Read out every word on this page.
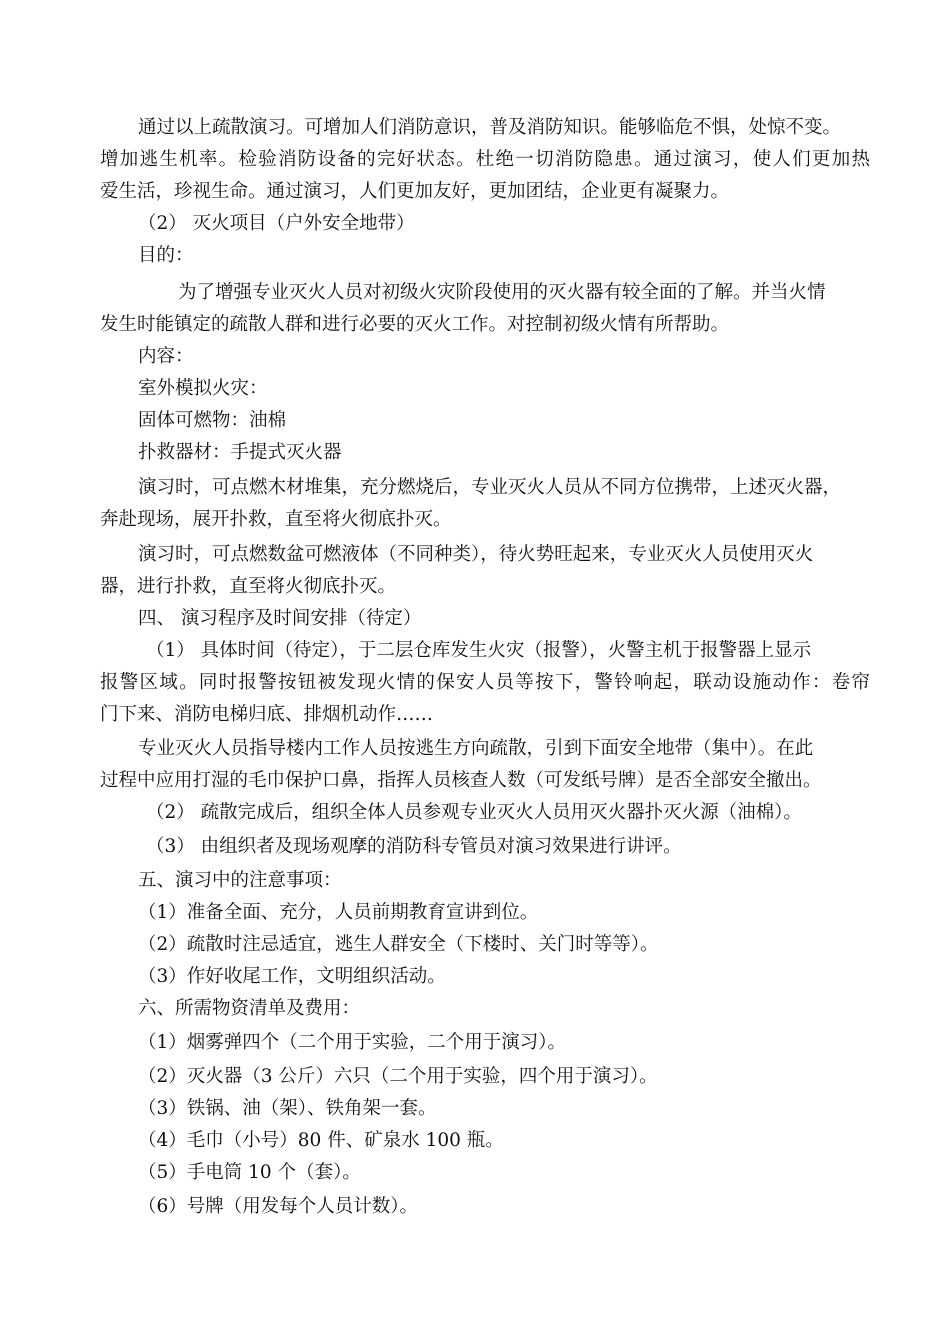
通过以上疏散演习。可增加人们消防意识，普及消防知识。能够临危不惧，处惊不变。
增加逃生机率。检验消防设备的完好状态。杜绝一切消防隐患。通过演习，使人们更加热
爱生活，珍视生命。通过演习，人们更加友好，更加团结，企业更有凝聚力。
（2） 灭火项目（户外安全地带）
目的：
为了增强专业灭火人员对初级火灾阶段使用的灭火器有较全面的了解。并当火情
发生时能镇定的疏散人群和进行必要的灭火工作。对控制初级火情有所帮助。
内容：
室外模拟火灾：
固体可燃物：油棉
扑救器材：手提式灭火器
演习时，可点燃木材堆集，充分燃烧后，专业灭火人员从不同方位携带，上述灭火器，
奔赴现场，展开扑救，直至将火彻底扑灭。
演习时，可点燃数盆可燃液体（不同种类），待火势旺起来，专业灭火人员使用灭火
器，进行扑救，直至将火彻底扑灭。
四、 演习程序及时间安排（待定）
（1） 具体时间（待定），于二层仓库发生火灾（报警），火警主机于报警器上显示
报警区域。同时报警按钮被发现火情的保安人员等按下，警铃响起，联动设施动作：卷帘
门下来、消防电梯归底、排烟机动作……
专业灭火人员指导楼内工作人员按逃生方向疏散，引到下面安全地带（集中）。在此
过程中应用打湿的毛巾保护口鼻，指挥人员核查人数（可发纸号牌）是否全部安全撤出。
（2） 疏散完成后，组织全体人员参观专业灭火人员用灭火器扑灭火源（油棉）。
（3） 由组织者及现场观摩的消防科专管员对演习效果进行讲评。
五、演习中的注意事项：
（1）准备全面、充分，人员前期教育宣讲到位。
（2）疏散时注忌适宜，逃生人群安全（下楼时、关门时等等）。
（3）作好收尾工作，文明组织活动。
六、所需物资清单及费用：
（1）烟雾弹四个（二个用于实验，二个用于演习）。
（2）灭火器（3 公斤）六只（二个用于实验，四个用于演习）。
（3）铁锅、油（架）、铁角架一套。
（4）毛巾（小号）80 件、矿泉水 100 瓶。
（5）手电筒 10 个（套）。
（6）号牌（用发每个人员计数）。
